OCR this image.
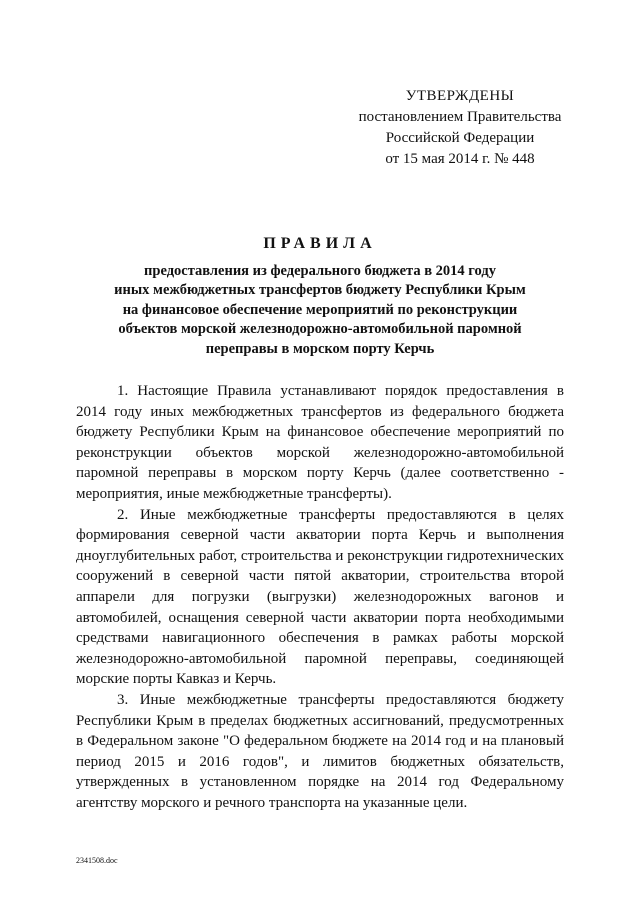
УТВЕРЖДЕНЫ
постановлением Правительства
Российской Федерации
от 15 мая 2014 г. № 448
ПРАВИЛА
предоставления из федерального бюджета в 2014 году
иных межбюджетных трансфертов бюджету Республики Крым
на финансовое обеспечение мероприятий по реконструкции
объектов морской железнодорожно-автомобильной паромной
переправы в морском порту Керчь

1. Настоящие Правила устанавливают порядок предоставления в 2014 году иных межбюджетных трансфертов из федерального бюджета бюджету Республики Крым на финансовое обеспечение мероприятий по реконструкции объектов морской железнодорожно-автомобильной паромной переправы в морском порту Керчь (далее соответственно - мероприятия, иные межбюджетные трансферты).

2. Иные межбюджетные трансферты предоставляются в целях формирования северной части акватории порта Керчь и выполнения дноуглубительных работ, строительства и реконструкции гидротехнических сооружений в северной части пятой акватории, строительства второй аппарели для погрузки (выгрузки) железнодорожных вагонов и автомобилей, оснащения северной части акватории порта необходимыми средствами навигационного обеспечения в рамках работы морской железнодорожно-автомобильной паромной переправы, соединяющей морские порты Кавказ и Керчь.

3. Иные межбюджетные трансферты предоставляются бюджету Республики Крым в пределах бюджетных ассигнований, предусмотренных в Федеральном законе "О федеральном бюджете на 2014 год и на плановый период 2015 и 2016 годов", и лимитов бюджетных обязательств, утвержденных в установленном порядке на 2014 год Федеральному агентству морского и речного транспорта на указанные цели.

2341508.doc
